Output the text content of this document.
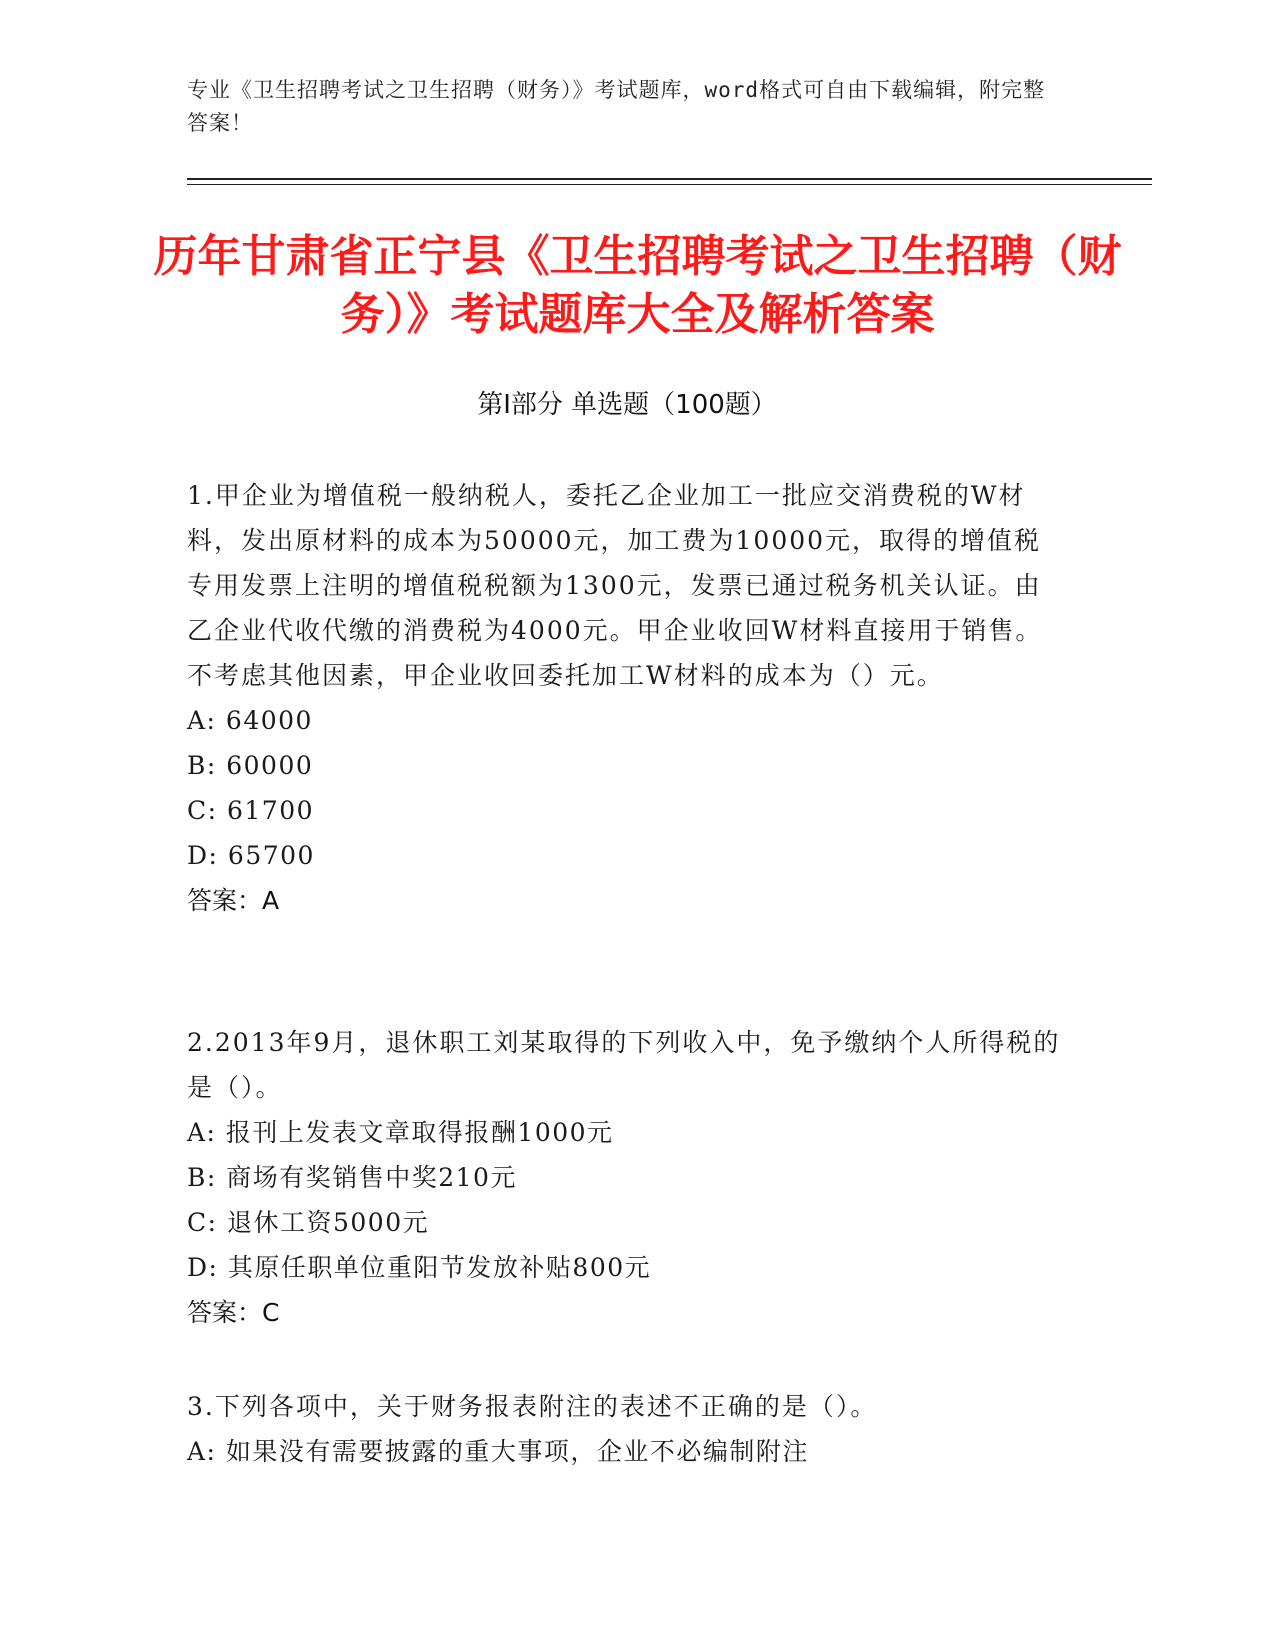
专业《卫生招聘考试之卫生招聘（财务）》考试题库，word格式可自由下载编辑，附完整答案！
历年甘肃省正宁县《卫生招聘考试之卫生招聘（财务）》考试题库大全及解析答案
第Ⅰ部分 单选题（100题）
1.甲企业为增值税一般纳税人，委托乙企业加工一批应交消费税的W材料，发出原材料的成本为50000元，加工费为10000元，取得的增值税专用发票上注明的增值税税额为1300元，发票已通过税务机关认证。由乙企业代收代缴的消费税为4000元。甲企业收回W材料直接用于销售。不考虑其他因素，甲企业收回委托加工W材料的成本为（）元。
A: 64000
B: 60000
C: 61700
D: 65700
答案：A
2.2013年9月，退休职工刘某取得的下列收入中，免予缴纳个人所得税的是（）。
A: 报刊上发表文章取得报酬1000元
B: 商场有奖销售中奖210元
C: 退休工资5000元
D: 其原任职单位重阳节发放补贴800元
答案：C
3.下列各项中，关于财务报表附注的表述不正确的是（）。
A: 如果没有需要披露的重大事项，企业不必编制附注
